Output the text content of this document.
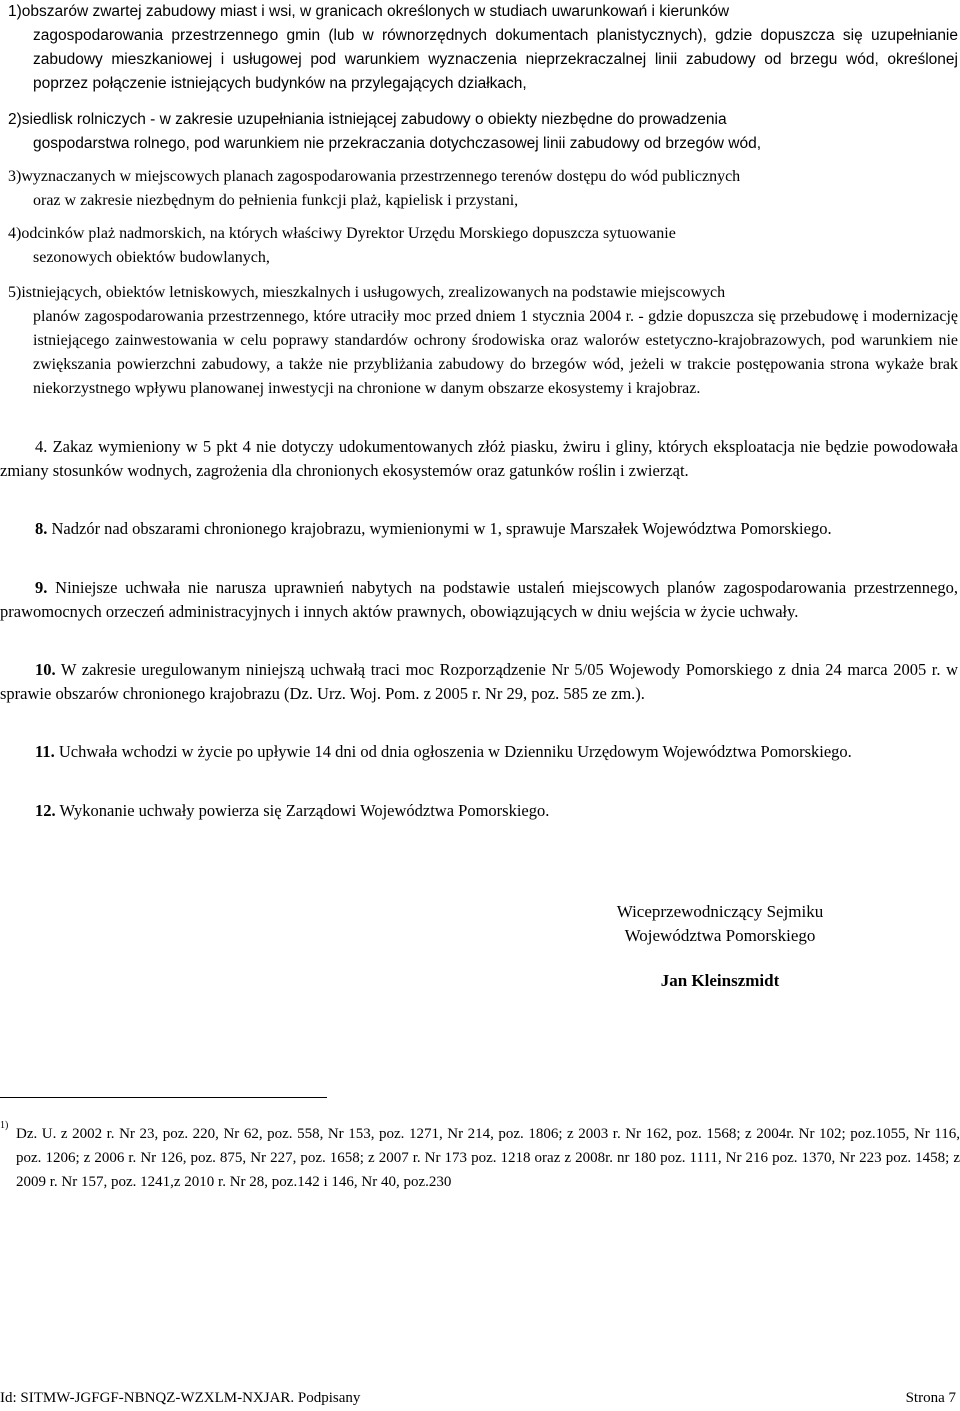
1)obszarów zwartej zabudowy miast i wsi, w granicach określonych w studiach uwarunkowań i kierunków
zagospodarowania przestrzennego gmin (lub w równorzędnych dokumentach planistycznych), gdzie dopuszcza się uzupełnianie zabudowy mieszkaniowej i usługowej pod warunkiem wyznaczenia nieprzekraczalnej linii zabudowy od brzegu wód, określonej poprzez połączenie istniejących budynków na przylegających działkach,
2)siedlisk rolniczych - w zakresie uzupełniania istniejącej zabudowy o obiekty niezbędne do prowadzenia
gospodarstwa rolnego, pod warunkiem nie przekraczania dotychczasowej linii zabudowy od brzegów wód,
3)wyznaczanych w miejscowych planach zagospodarowania przestrzennego terenów dostępu do wód publicznych
oraz w zakresie niezbędnym do pełnienia funkcji plaż, kąpielisk i przystani,
4)odcinków plaż nadmorskich, na których właściwy Dyrektor Urzędu Morskiego dopuszcza sytuowanie
sezonowych obiektów budowlanych,
5)istniejących, obiektów letniskowych, mieszkalnych i usługowych, zrealizowanych na podstawie miejscowych
planów zagospodarowania przestrzennego, które utraciły moc przed dniem 1 stycznia 2004 r. - gdzie dopuszcza się przebudowę i modernizację istniejącego zainwestowania w celu poprawy standardów ochrony środowiska oraz walorów estetyczno-krajobrazowych, pod warunkiem nie zwiększania powierzchni zabudowy, a także nie przybliżania zabudowy do brzegów wód, jeżeli w trakcie postępowania strona wykaże brak niekorzystnego wpływu planowanej inwestycji na chronione w danym obszarze ekosystemy i krajobraz.
4. Zakaz wymieniony w 5 pkt 4 nie dotyczy udokumentowanych złóż piasku, żwiru i gliny, których eksploatacja nie będzie powodowała zmiany stosunków wodnych, zagrożenia dla chronionych ekosystemów oraz gatunków roślin i zwierząt.
8. Nadzór nad obszarami chronionego krajobrazu, wymienionymi w 1, sprawuje Marszałek Województwa Pomorskiego.
9. Niniejsze uchwała nie narusza uprawnień nabytych na podstawie ustaleń miejscowych planów zagospodarowania przestrzennego, prawomocnych orzeczeń administracyjnych i innych aktów prawnych, obowiązujących w dniu wejścia w życie uchwały.
10. W zakresie uregulowanym niniejszą uchwałą traci moc Rozporządzenie Nr 5/05 Wojewody Pomorskiego z dnia 24 marca 2005 r. w sprawie obszarów chronionego krajobrazu (Dz. Urz. Woj. Pom. z 2005 r. Nr 29, poz. 585 ze zm.).
11. Uchwała wchodzi w życie po upływie 14 dni od dnia ogłoszenia w Dzienniku Urzędowym Województwa Pomorskiego.
12. Wykonanie uchwały powierza się Zarządowi Województwa Pomorskiego.
Wiceprzewodniczący Sejmiku
Województwa Pomorskiego
Jan Kleinszmidt
1)
Dz. U. z 2002 r. Nr 23, poz. 220, Nr 62, poz. 558, Nr 153, poz. 1271, Nr 214, poz. 1806; z 2003 r. Nr 162, poz. 1568; z 2004r. Nr 102; poz.1055, Nr 116, poz. 1206; z 2006 r. Nr 126, poz. 875, Nr 227, poz. 1658; z 2007 r. Nr 173 poz. 1218 oraz z 2008r. nr 180 poz. 1111, Nr 216 poz. 1370, Nr 223 poz. 1458; z 2009 r. Nr 157, poz. 1241,z 2010 r. Nr 28, poz.142 i 146, Nr 40, poz.230
Id: SITMW-JGFGF-NBNQZ-WZXLM-NXJAR. Podpisany	Strona 7
